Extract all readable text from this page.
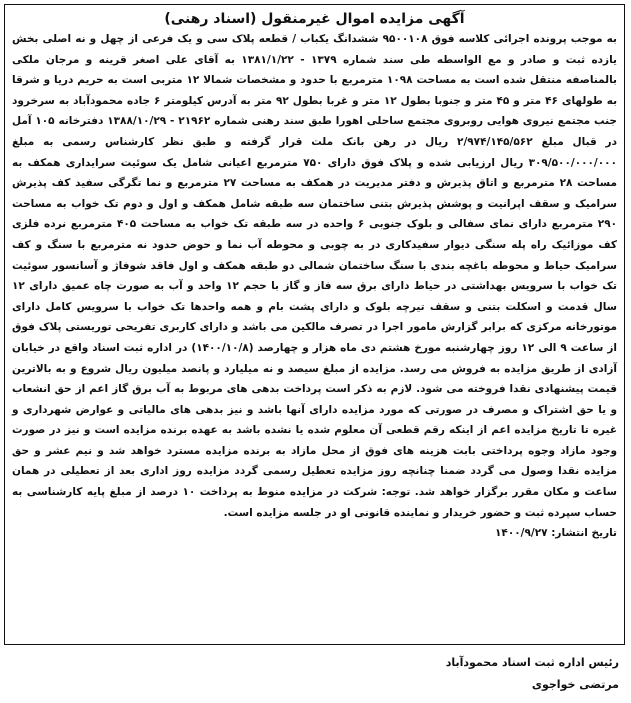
آگهی مزایده اموال غیرمنقول (اسناد رهنی)

به موجب پرونده اجرائی کلاسه فوق ۹۵۰۰۱۰۸ ششدانگ یکباب / قطعه پلاک سی و یک فرعی از چهل و نه اصلی بخش یازده ثبت و صادر و مع الواسطه طی سند شماره ۱۳۷۹ - ۱۳۸۱/۱/۲۲ به آقای علی اصغر قرینه و مرجان ملکی بالمناصفه منتقل شده است به مساحت ۱۰۹۸ مترمربع با حدود و مشخصات شمالا ۱۲ متربی است به حریم دریا و شرقا به طولهای ۴۶ متر و ۴۵ متر و جنوبا بطول ۱۲ متر و غربا بطول ۹۲ متر به آدرس کیلومتر ۶ جاده محمودآباد به سرخرود جنب مجتمع نیروی هوایی روبروی مجتمع ساحلی اهورا طبق سند رهنی شماره ۲۱۹۶۲ - ۱۳۸۸/۱۰/۲۹ دفترخانه ۱۰۵ آمل در قبال مبلغ ۲/۹۷۴/۱۴۵/۵۶۲ ریال در رهن بانک ملت قرار گرفته و طبق نظر کارشناس رسمی به مبلغ ۳۰۹/۵۰۰/۰۰۰/۰۰۰ ریال ارزیابی شده و پلاک فوق دارای ۷۵۰ مترمربع اعیانی شامل یک سوئیت سرایداری همکف به مساحت ۲۸ مترمربع و اتاق پذیرش و دفتر مدیریت در همکف به مساحت ۲۷ مترمربع و نما تگرگی سفید کف پذیرش سرامیک و سقف اپرانیت و پوشش پذیرش بتنی ساختمان سه طبقه شامل همکف و اول و دوم تک خواب به مساحت ۲۹۰ مترمربع دارای نمای سفالی و بلوک جنوبی ۶ واحده در سه طبقه تک خواب به مساحت ۴۰۵ مترمربع نرده فلزی کف موزائیک راه پله سنگی دیوار سفیدکاری در به چوبی و محوطه آب نما و حوض حدود نه مترمربع با سنگ و کف سرامیک حیاط و محوطه باغچه بندی با سنگ ساختمان شمالی دو طبقه همکف و اول فاقد شوفاژ و آسانسور سوئیت تک خواب با سرویس بهداشتی در حیاط دارای برق سه فاز و گاز با حجم ۱۲ واحد و آب به صورت چاه عمیق دارای ۱۲ سال قدمت و اسکلت بتنی و سقف تیرچه بلوک و دارای پشت بام و همه واحدها تک خواب با سرویس کامل دارای موتورخانه مرکزی که برابر گزارش مامور اجرا در تصرف مالکین می باشد و دارای کاربری تفریحی توریستی پلاک فوق از ساعت ۹ الی ۱۲ روز چهارشنبه مورخ هشتم دی ماه هزار و چهارصد (۱۴۰۰/۱۰/۸) در اداره ثبت اسناد واقع در خیابان آزادی از طریق مزایده به فروش می رسد. مزایده از مبلغ سیصد و نه میلیارد و پانصد میلیون ریال شروع و به بالاترین قیمت پیشنهادی نقدا فروخته می شود. لازم به ذکر است پرداخت بدهی های مربوط به آب برق گاز اعم از حق انشعاب و یا حق اشتراک و مصرف در صورتی که مورد مزایده دارای آنها باشد و نیز بدهی های مالیاتی و عوارض شهرداری و غیره تا تاریخ مزایده اعم از اینکه رقم قطعی آن معلوم شده یا نشده باشد به عهده برنده مزایده است و نیز در صورت وجود مازاد وجوه پرداختی بابت هزینه های فوق از محل مازاد به برنده مزایده مسترد خواهد شد و نیم عشر و حق مزایده نقدا وصول می گردد ضمنا چنانچه روز مزایده تعطیل رسمی گردد مزایده روز اداری بعد از تعطیلی در همان ساعت و مکان مقرر برگزار خواهد شد. توجه: شرکت در مزایده منوط به پرداخت ۱۰ درصد از مبلغ پایه کارشناسی به حساب سپرده ثبت و حضور خریدار و نماینده قانونی او در جلسه مزایده است.

تاریخ انتشار: ۱۴۰۰/۹/۲۷

رئیس اداره ثبت اسناد محمودآباد
مرتضی خواجوی
